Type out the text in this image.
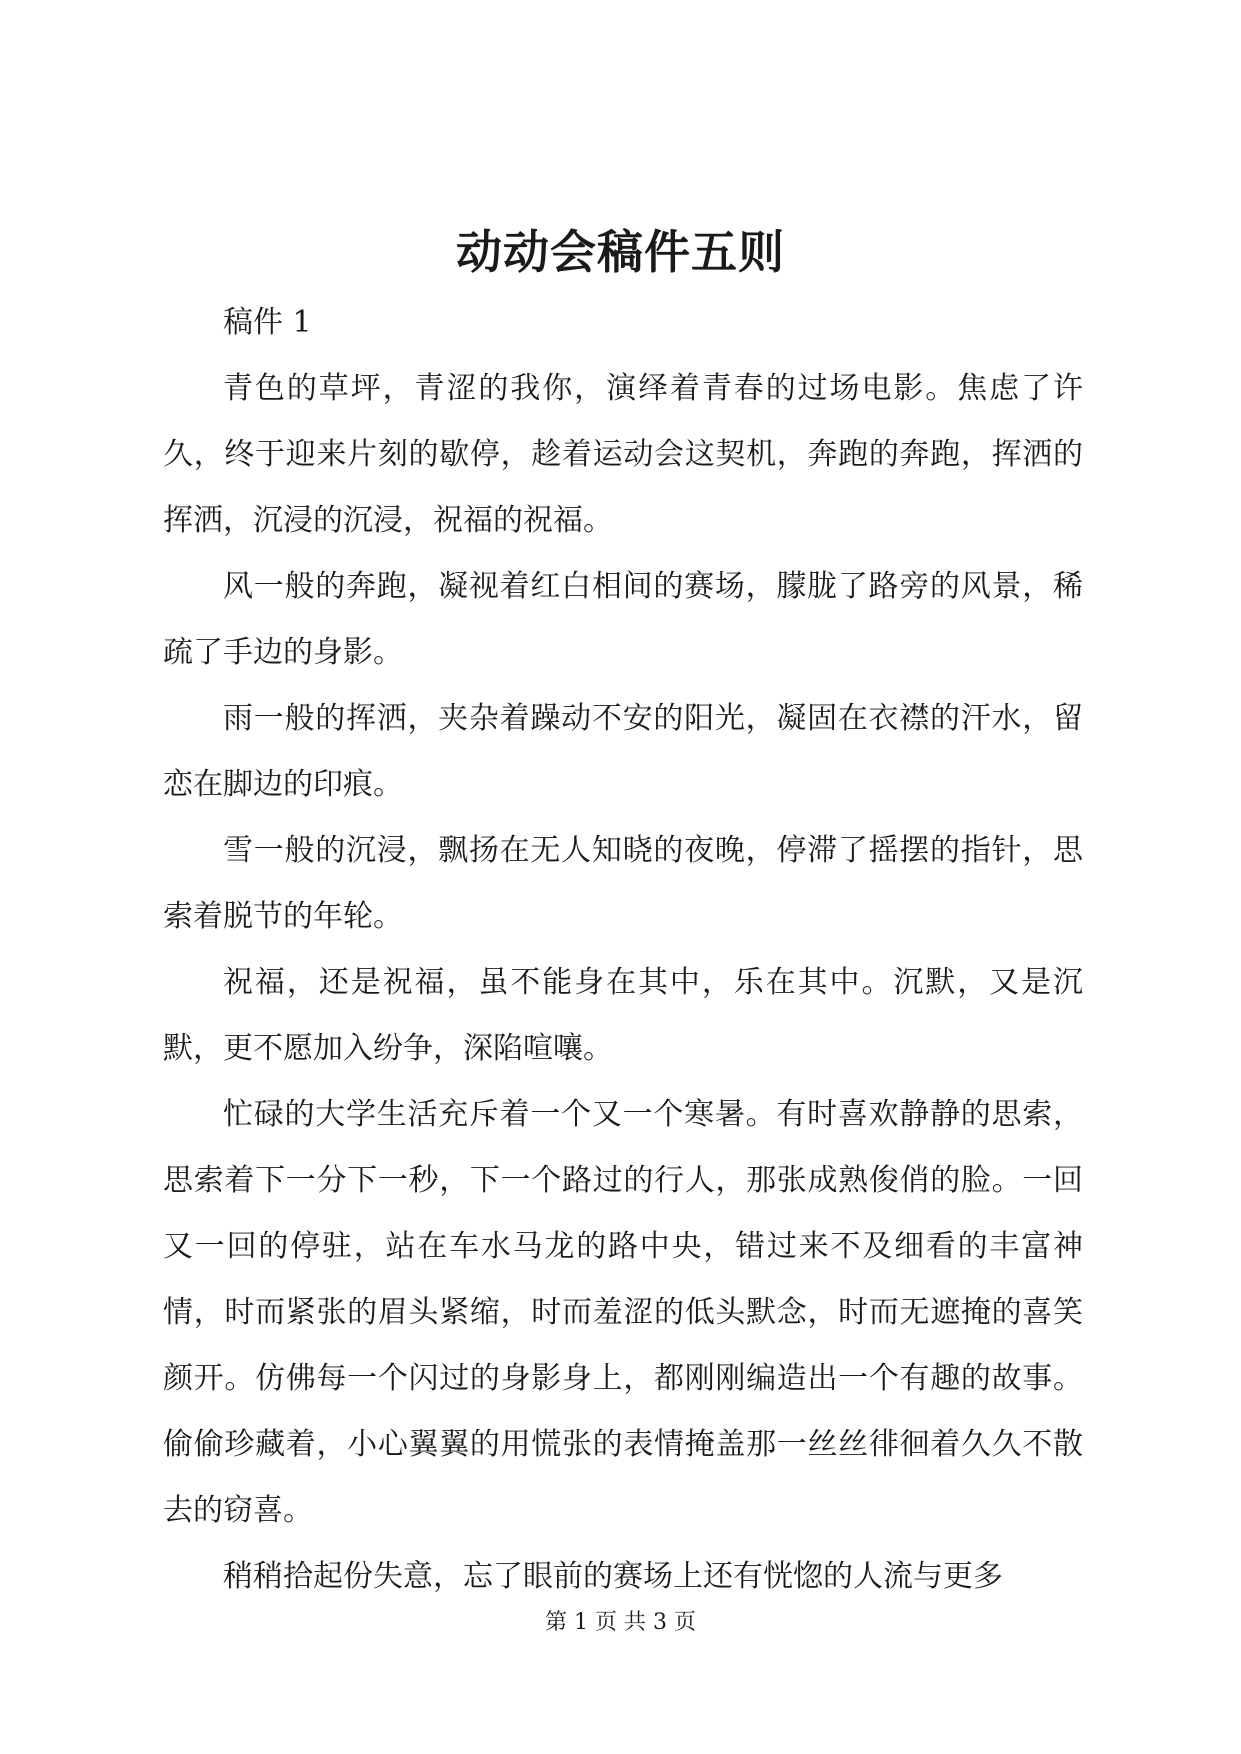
动动会稿件五则

稿件 1

青色的草坪，青涩的我你，演绎着青春的过场电影。焦虑了许久，终于迎来片刻的歇停，趁着运动会这契机，奔跑的奔跑，挥洒的挥洒，沉浸的沉浸，祝福的祝福。

风一般的奔跑，凝视着红白相间的赛场，朦胧了路旁的风景，稀疏了手边的身影。

雨一般的挥洒，夹杂着躁动不安的阳光，凝固在衣襟的汗水，留恋在脚边的印痕。

雪一般的沉浸，飘扬在无人知晓的夜晚，停滞了摇摆的指针，思索着脱节的年轮。

祝福，还是祝福，虽不能身在其中，乐在其中。沉默，又是沉默，更不愿加入纷争，深陷喧嚷。

忙碌的大学生活充斥着一个又一个寒暑。有时喜欢静静的思索，思索着下一分下一秒，下一个路过的行人，那张成熟俊俏的脸。一回又一回的停驻，站在车水马龙的路中央，错过来不及细看的丰富神情，时而紧张的眉头紧缩，时而羞涩的低头默念，时而无遮掩的喜笑颜开。仿佛每一个闪过的身影身上，都刚刚编造出一个有趣的故事。偷偷珍藏着，小心翼翼的用慌张的表情掩盖那一丝丝徘徊着久久不散去的窃喜。

稍稍拾起份失意，忘了眼前的赛场上还有恍惚的人流与更多

第 1 页 共 3 页
